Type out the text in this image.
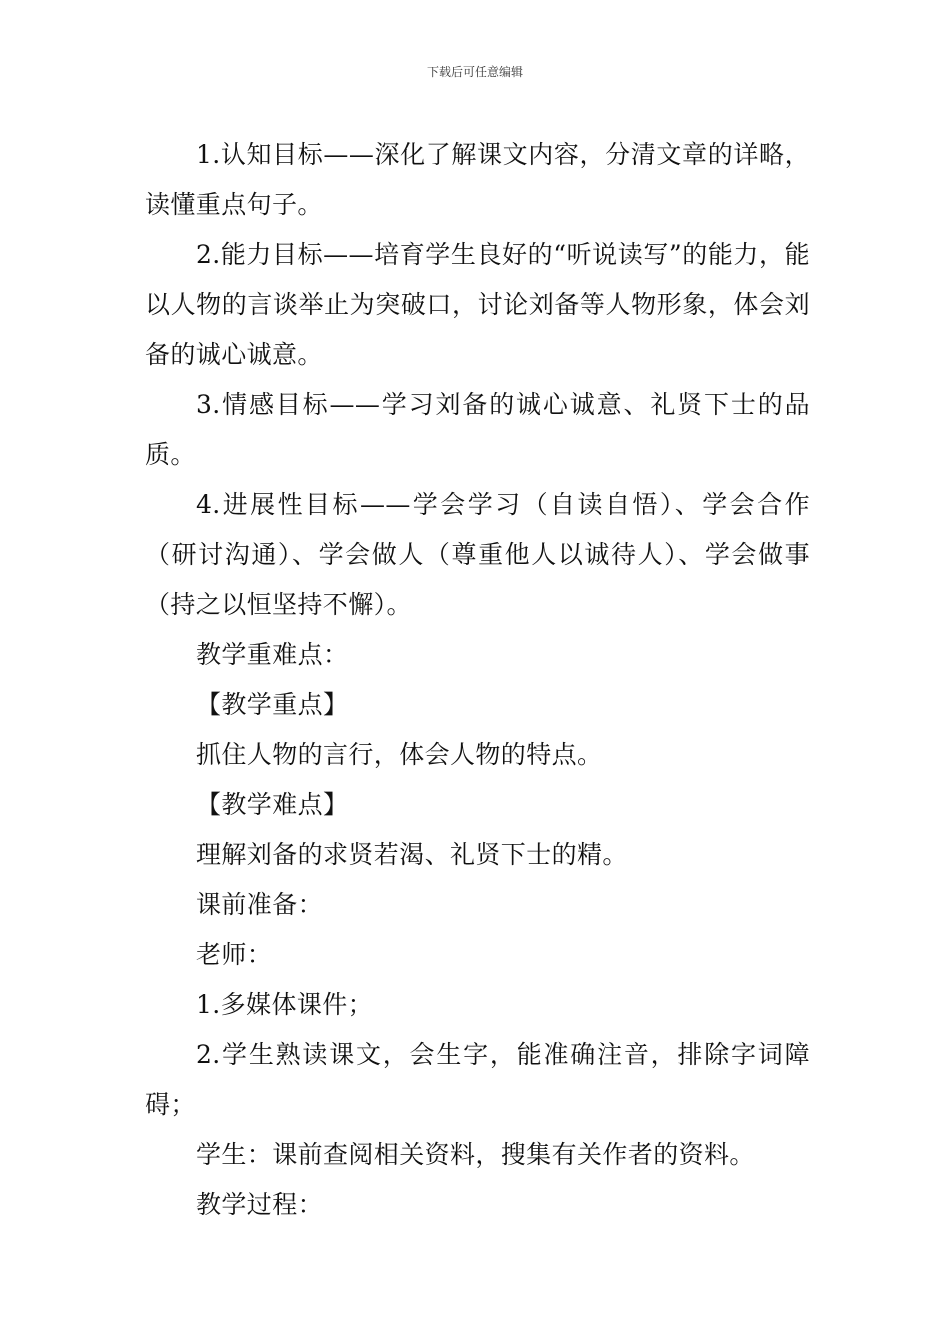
下载后可任意编辑

1.认知目标——深化了解课文内容，分清文章的详略，读懂重点句子。

2.能力目标——培育学生良好的“听说读写”的能力，能以人物的言谈举止为突破口，讨论刘备等人物形象，体会刘备的诚心诚意。

3.情感目标——学习刘备的诚心诚意、礼贤下士的品质。

4.进展性目标——学会学习（自读自悟）、学会合作（研讨沟通）、学会做人（尊重他人以诚待人）、学会做事（持之以恒坚持不懈）。

教学重难点：

【教学重点】

抓住人物的言行，体会人物的特点。

【教学难点】

理解刘备的求贤若渴、礼贤下士的精。

课前准备：

老师：

1.多媒体课件；

2.学生熟读课文，会生字，能准确注音，排除字词障碍；

学生：课前查阅相关资料，搜集有关作者的资料。

教学过程：
